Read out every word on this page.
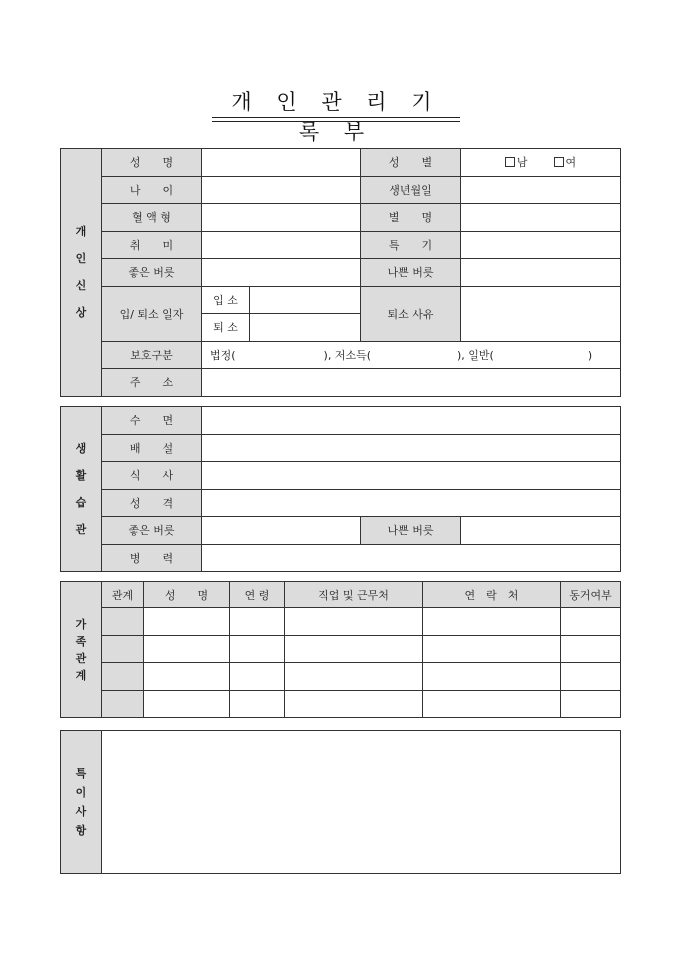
개 인 관 리 기 록 부
개
인
신
상	성　　명			성　　별	남 여
	나　　이			생년월일	
	혈 액 형			별　　명	
	취　　미			특　　기	
	좋은 버릇			나쁜 버릇	
	입/ 퇴소 일자	입 소		퇴소 사유	
		퇴 소			
	보호구분	법정( ), 저소득( ), 일반( )			
	주　　소				
생
활
습
관	수　　면			
	배　　설			
	식　　사			
	성　　격			
	좋은 버릇		나쁜 버릇	
	병　　력			
가
족
관
계	관계	성　　명	연 령	직업 및 근무처	연　락　처	동거여부

특
이
사
항
